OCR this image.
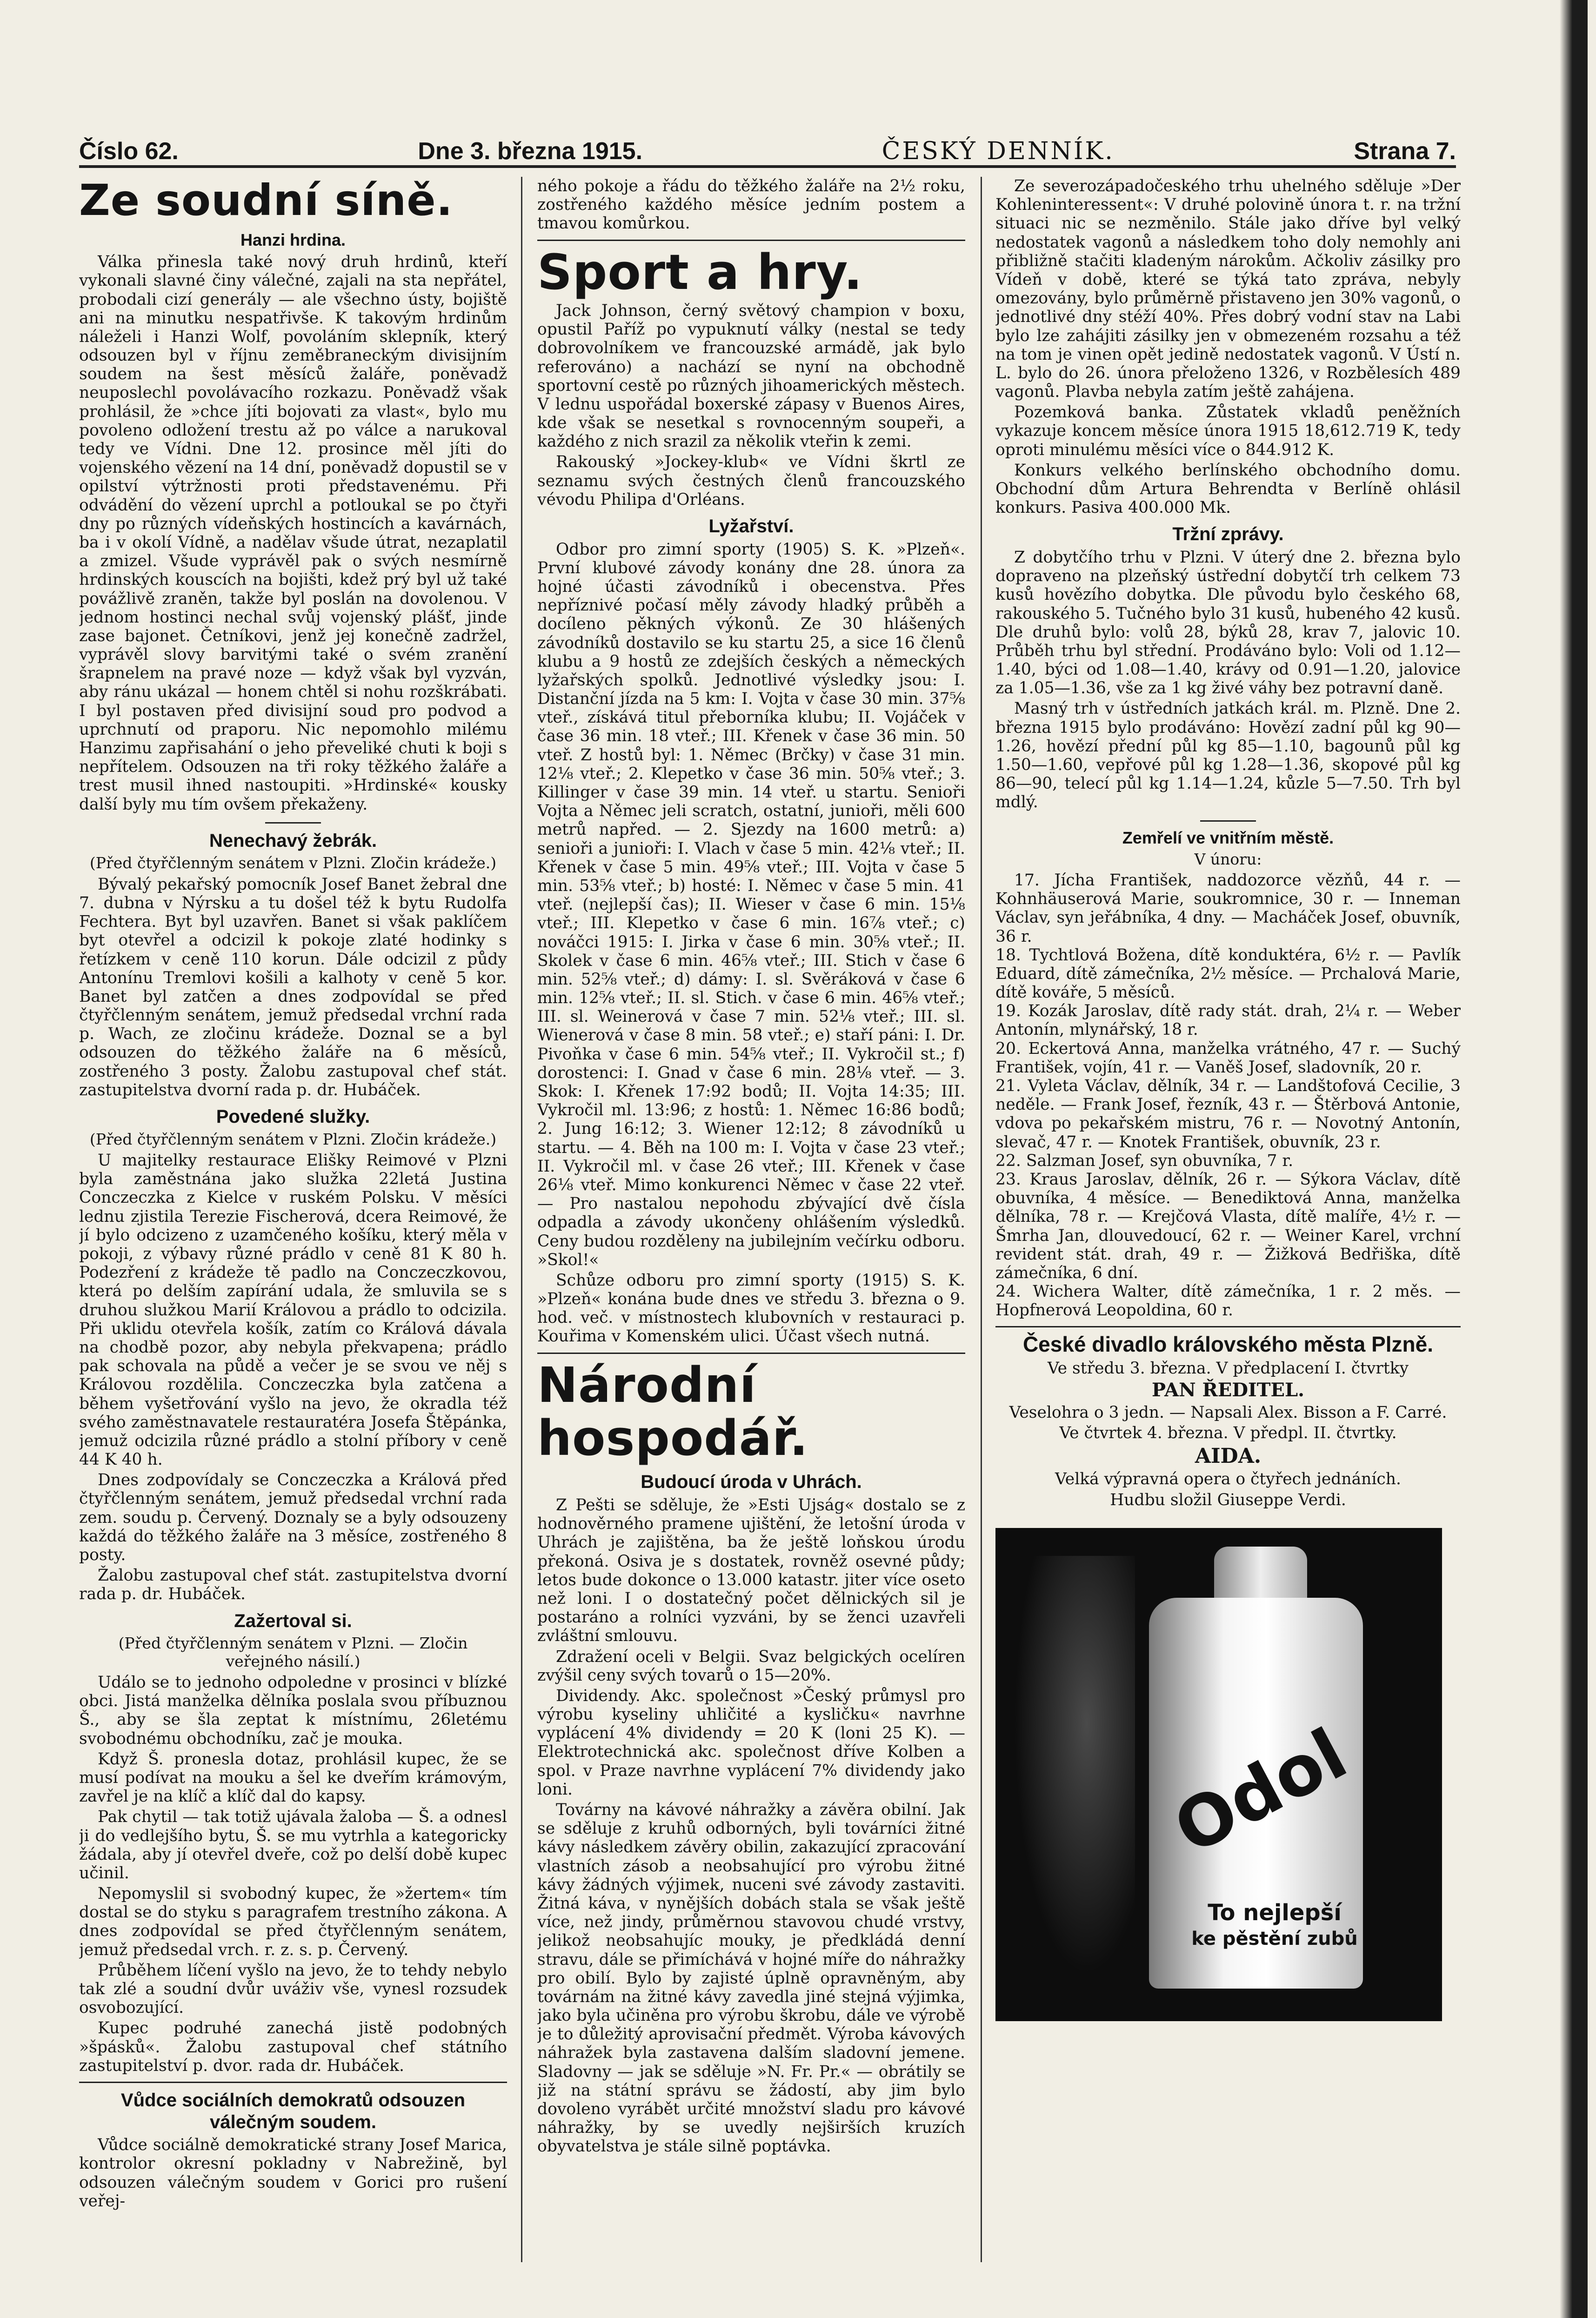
Číslo 62.	Dne 3. března 1915.	ČESKÝ DENNÍK.	Strana 7.
Ze soudní síně.
Hanzi hrdina.

Válka přinesla také nový druh hrdinů, kteří vykonali slavné činy válečné, zajali na sta nepřátel, probodali cizí generály — ale všechno ústy, bojiště ani na minutku nespatřivše. K takovým hrdinům náleželi i Hanzi Wolf, povoláním sklepník, který odsouzen byl v říjnu zeměbraneckým divisijním soudem na šest měsíců žaláře, poněvadž neuposlechl povolávacího rozkazu. Poněvadž však prohlásil, že »chce jíti bojovati za vlast«, bylo mu povoleno odložení trestu až po válce a narukoval tedy ve Vídni. Dne 12. prosince měl jíti do vojenského vězení na 14 dní, poněvadž dopustil se v opilství výtržnosti proti představenému. Při odvádění do vězení uprchl a potloukal se po čtyři dny po různých vídeňských hostincích a kavárnách, ba i v okolí Vídně, a nadělav všude útrat, nezaplatil a zmizel. Všude vyprávěl pak o svých nesmírně hrdinských kouscích na bojišti, kdež prý byl už také povážlivě zraněn, takže byl poslán na dovolenou. V jednom hostinci nechal svůj vojenský plášť, jinde zase bajonet. Četníkovi, jenž jej konečně zadržel, vyprávěl slovy barvitými také o svém zranění šrapnelem na pravé noze — když však byl vyzván, aby ránu ukázal — honem chtěl si nohu rozškrábati. I byl postaven před divisijní soud pro podvod a uprchnutí od praporu. Nic nepomohlo milému Hanzimu zapřisahání o jeho převeliké chuti k boji s nepřítelem. Odsouzen na tři roky těžkého žaláře a trest musil ihned nastoupiti. »Hrdinské« kousky další byly mu tím ovšem překaženy.

Nenechavý žebrák.
(Před čtyřčlenným senátem v Plzni. Zločin krádeže.)

Bývalý pekařský pomocník Josef Banet žebral dne 7. dubna v Nýrsku a tu došel též k bytu Rudolfa Fechtera. Byt byl uzavřen. Banet si však paklíčem byt otevřel a odcizil k pokoje zlaté hodinky s řetízkem v ceně 110 korun. Dále odcizil z půdy Antonínu Tremlovi košili a kalhoty v ceně 5 kor. Banet byl zatčen a dnes zodpovídal se před čtyřčlenným senátem, jemuž předsedal vrchní rada p. Wach, ze zločinu krádeže. Doznal se a byl odsouzen do těžkého žaláře na 6 měsíců, zostřeného 3 posty. Žalobu zastupoval chef stát. zastupitelstva dvorní rada p. dr. Hubáček.

Povedené služky.
(Před čtyřčlenným senátem v Plzni. Zločin krádeže.)

U majitelky restaurace Elišky Reimové v Plzni byla zaměstnána jako služka 22letá Justina Conczeczka z Kielce v ruském Polsku. V měsíci lednu zjistila Terezie Fischerová, dcera Reimové, že jí bylo odcizeno z uzamčeného košíku, který měla v pokoji, z výbavy různé prádlo v ceně 81 K 80 h. Podezření z krádeže tě padlo na Conczeczkovou, která po delším zapírání udala, že smluvila se s druhou služkou Marií Královou a prádlo to odcizila. Při uklidu otevřela košík, zatím co Králová dávala na chodbě pozor, aby nebyla překvapena; prádlo pak schovala na půdě a večer je se svou ve něj s Královou rozdělila. Conczeczka byla zatčena a během vyšetřování vyšlo na jevo, že okradla též svého zaměstnavatele restauratéra Josefa Štěpánka, jemuž odcizila různé prádlo a stolní příbory v ceně 44 K 40 h.

Dnes zodpovídaly se Conczeczka a Králová před čtyřčlenným senátem, jemuž předsedal vrchní rada zem. soudu p. Červený. Doznaly se a byly odsouzeny každá do těžkého žaláře na 3 měsíce, zostřeného 8 posty.

Žalobu zastupoval chef stát. zastupitelstva dvorní rada p. dr. Hubáček.

Zažertoval si.
(Před čtyřčlenným senátem v Plzni. — Zločin veřejného násilí.)

Událo se to jednoho odpoledne v prosinci v blízké obci. Jistá manželka dělníka poslala svou příbuznou Š., aby se šla zeptat k místnímu, 26letému svobodnému obchodníku, zač je mouka.

Když Š. pronesla dotaz, prohlásil kupec, že se musí podívat na mouku a šel ke dveřím krámovým, zavřel je na klíč a klíč dal do kapsy.

Pak chytil — tak totiž ujávala žaloba — Š. a odnesl ji do vedlejšího bytu, Š. se mu vytrhla a kategoricky žádala, aby jí otevřel dveře, což po delší době kupec učinil.

Nepomyslil si svobodný kupec, že »žertem« tím dostal se do styku s paragrafem trestního zákona. A dnes zodpovídal se před čtyřčlenným senátem, jemuž předsedal vrch. r. z. s. p. Červený.

Průběhem líčení vyšlo na jevo, že to tehdy nebylo tak zlé a soudní dvůr uváživ vše, vynesl rozsudek osvobozující.

Kupec podruhé zanechá jistě podobných »špásků«. Žalobu zastupoval chef státního zastupitelství p. dvor. rada dr. Hubáček.

Vůdce sociálních demokratů odsouzen válečným soudem.

Vůdce sociálně demokratické strany Josef Marica, kontrolor okresní pokladny v Nabrežině, byl odsouzen válečným soudem v Gorici pro rušení veřej-

ného pokoje a řádu do těžkého žaláře na 2½ roku, zostřeného každého měsíce jedním postem a tmavou komůrkou.

Sport a hry.

Jack Johnson, černý světový champion v boxu, opustil Paříž po vypuknutí války (nestal se tedy dobrovolníkem ve francouzské armádě, jak bylo referováno) a nachází se nyní na obchodně sportovní cestě po různých jihoamerických městech. V lednu uspořádal boxerské zápasy v Buenos Aires, kde však se nesetkal s rovnocenným soupeři, a každého z nich srazil za několik vteřin k zemi.

Rakouský »Jockey-klub« ve Vídni škrtl ze seznamu svých čestných členů francouzského vévodu Philipa d'Orléans.

Lyžařství.

Odbor pro zimní sporty (1905) S. K. »Plzeň«. První klubové závody konány dne 28. února za hojné účasti závodníků i obecenstva. Přes nepříznivé počasí měly závody hladký průběh a docíleno pěkných výkonů. Ze 30 hlášených závodníků dostavilo se ku startu 25, a sice 16 členů klubu a 9 hostů ze zdejších českých a německých lyžařských spolků. Jednotlivé výsledky jsou: I. Distanční jízda na 5 km: I. Vojta v čase 30 min. 37⅝ vteř., získává titul přeborníka klubu; II. Vojáček v čase 36 min. 18 vteř.; III. Křenek v čase 36 min. 50 vteř. Z hostů byl: 1. Němec (Brčky) v čase 31 min. 12⅛ vteř.; 2. Klepetko v čase 36 min. 50⅝ vteř.; 3. Killinger v čase 39 min. 14 vteř. u startu. Senioři Vojta a Němec jeli scratch, ostatní, junioři, měli 600 metrů napřed. — 2. Sjezdy na 1600 metrů: a) senioři a junioři: I. Vlach v čase 5 min. 42⅛ vteř.; II. Křenek v čase 5 min. 49⅝ vteř.; III. Vojta v čase 5 min. 53⅝ vteř.; b) hosté: I. Němec v čase 5 min. 41 vteř. (nejlepší čas); II. Wieser v čase 6 min. 15⅛ vteř.; III. Klepetko v čase 6 min. 16⅞ vteř.; c) nováčci 1915: I. Jirka v čase 6 min. 30⅝ vteř.; II. Skolek v čase 6 min. 46⅝ vteř.; III. Stich v čase 6 min. 52⅝ vteř.; d) dámy: I. sl. Svěráková v čase 6 min. 12⅝ vteř.; II. sl. Stich. v čase 6 min. 46⅝ vteř.; III. sl. Weinerová v čase 7 min. 52⅛ vteř.; III. sl. Wienerová v čase 8 min. 58 vteř.; e) staří páni: I. Dr. Pivoňka v čase 6 min. 54⅝ vteř.; II. Vykročil st.; f) dorostenci: I. Gnad v čase 6 min. 28⅛ vteř. — 3. Skok: I. Křenek 17:92 bodů; II. Vojta 14:35; III. Vykročil ml. 13:96; z hostů: 1. Němec 16:86 bodů; 2. Jung 16:12; 3. Wiener 12:12; 8 závodníků u startu. — 4. Běh na 100 m: I. Vojta v čase 23 vteř.; II. Vykročil ml. v čase 26 vteř.; III. Křenek v čase 26⅛ vteř. Mimo konkurenci Němec v čase 22 vteř. — Pro nastalou nepohodu zbývající dvě čísla odpadla a závody ukončeny ohlášením výsledků. Ceny budou rozděleny na jubilejním večírku odboru. »Skol!«

Schůze odboru pro zimní sporty (1915) S. K. »Plzeň« konána bude dnes ve středu 3. března o 9. hod. več. v místnostech klubovních v restauraci p. Kouřima v Komenském ulici. Účast všech nutná.

Národní hospodář.
Budoucí úroda v Uhrách.

Z Pešti se sděluje, že »Esti Ujság« dostalo se z hodnověrného pramene ujištění, že letošní úroda v Uhrách je zajištěna, ba že ještě loňskou úrodu překoná. Osiva je s dostatek, rovněž osevné půdy; letos bude dokonce o 13.000 katastr. jiter více oseto než loni. I o dostatečný počet dělnických sil je postaráno a rolníci vyzváni, by se ženci uzavřeli zvláštní smlouvu.

Zdražení oceli v Belgii. Svaz belgických ocelíren zvýšil ceny svých tovarů o 15—20%.

Dividendy. Akc. společnost »Český průmysl pro výrobu kyseliny uhličité a kysličku« navrhne vyplácení 4% dividendy = 20 K (loni 25 K). — Elektrotechnická akc. společnost dříve Kolben a spol. v Praze navrhne vyplácení 7% dividendy jako loni.

Továrny na kávové náhražky a závěra obilní. Jak se sděluje z kruhů odborných, byli továrníci žitné kávy následkem závěry obilin, zakazující zpracování vlastních zásob a neobsahující pro výrobu žitné kávy žádných výjimek, nuceni své závody zastaviti. Žitná káva, v nynějších dobách stala se však ještě více, než jindy, průměrnou stavovou chudé vrstvy, jelikož neobsahujíc mouky, je předkládá denní stravu, dále se přimíchává v hojné míře do náhražky pro obilí. Bylo by zajisté úplně opravněným, aby továrnám na žitné kávy zavedla jiné stejná výjimka, jako byla učiněna pro výrobu škrobu, dále ve výrobě je to důležitý aprovisační předmět. Výroba kávových náhražek byla zastavena dalším sladovní jemene. Sladovny — jak se sděluje »N. Fr. Pr.« — obrátily se již na státní správu se žádostí, aby jim bylo dovoleno vyrábět určité množství sladu pro kávové náhražky, by se uvedly nejširších kruzích obyvatelstva je stále silně poptávka.

Ze severozápadočeského trhu uhelného sděluje »Der Kohleninteressent«: V druhé polovině února t. r. na tržní situaci nic se nezměnilo. Stále jako dříve byl velký nedostatek vagonů a následkem toho doly nemohly ani přibližně stačiti kladeným nárokům. Ačkoliv zásilky pro Vídeň v době, které se týká tato zpráva, nebyly omezovány, bylo průměrně přistaveno jen 30% vagonů, o jednotlivé dny stéží 40%. Přes dobrý vodní stav na Labi bylo lze zahájiti zásilky jen v obmezeném rozsahu a též na tom je vinen opět jedině nedostatek vagonů. V Ústí n. L. bylo do 26. února přeloženo 1326, v Rozbělesích 489 vagonů. Plavba nebyla zatím ještě zahájena.

Pozemková banka. Zůstatek vkladů peněžních vykazuje koncem měsíce února 1915 18,612.719 K, tedy oproti minulému měsíci více o 844.912 K.

Konkurs velkého berlínského obchodního domu. Obchodní dům Artura Behrendta v Berlíně ohlásil konkurs. Pasiva 400.000 Mk.

Tržní zprávy.

Z dobytčího trhu v Plzni. V úterý dne 2. března bylo dopraveno na plzeňský ústřední dobytčí trh celkem 73 kusů hovězího dobytka. Dle původu bylo českého 68, rakouského 5. Tučného bylo 31 kusů, hubeného 42 kusů. Dle druhů bylo: volů 28, býků 28, krav 7, jalovic 10. Průběh trhu byl střední. Prodáváno bylo: Voli od 1.12—1.40, býci od 1.08—1.40, krávy od 0.91—1.20, jalovice za 1.05—1.36, vše za 1 kg živé váhy bez potravní daně.

Masný trh v ústředních jatkách král. m. Plzně. Dne 2. března 1915 bylo prodáváno: Hovězí zadní půl kg 90—1.26, hovězí přední půl kg 85—1.10, bagounů půl kg 1.50—1.60, vepřové půl kg 1.28—1.36, skopové půl kg 86—90, telecí půl kg 1.14—1.24, kůzle 5—7.50. Trh byl mdlý.

Zemřelí ve vnitřním městě.
V únoru:

17. Jícha František, naddozorce vězňů, 44 r. — Kohnhäuserová Marie, soukromnice, 30 r. — Inneman Václav, syn jeřábníka, 4 dny. — Macháček Josef, obuvník, 36 r.
18. Tychtlová Božena, dítě konduktéra, 6½ r. — Pavlík Eduard, dítě zámečníka, 2½ měsíce. — Prchalová Marie, dítě kováře, 5 měsíců.
19. Kozák Jaroslav, dítě rady stát. drah, 2¼ r. — Weber Antonín, mlynářský, 18 r.
20. Eckertová Anna, manželka vrátného, 47 r. — Suchý František, vojín, 41 r. — Vaněš Josef, sladovník, 20 r.
21. Vyleta Václav, dělník, 34 r. — Landštofová Cecilie, 3 neděle. — Frank Josef, řezník, 43 r. — Štěrbová Antonie, vdova po pekařském mistru, 76 r. — Novotný Antonín, slevač, 47 r. — Knotek František, obuvník, 23 r.
22. Salzman Josef, syn obuvníka, 7 r.
23. Kraus Jaroslav, dělník, 26 r. — Sýkora Václav, dítě obuvníka, 4 měsíce. — Benediktová Anna, manželka dělníka, 78 r. — Krejčová Vlasta, dítě malíře, 4½ r. — Šmrha Jan, dlouvedoucí, 62 r. — Weiner Karel, vrchní revident stát. drah, 49 r. — Žižková Bedřiška, dítě zámečníka, 6 dní.
24. Wichera Walter, dítě zámečníka, 1 r. 2 měs. — Hopfnerová Leopoldina, 60 r.

České divadlo královského města Plzně.

Ve středu 3. března. V předplacení I. čtvrtky

PAN ŘEDITEL.

Veselohra o 3 jedn. — Napsali Alex. Bisson a F. Carré.

Ve čtvrtek 4. března. V předpl. II. čtvrtky.

AIDA.

Velká výpravná opera o čtyřech jednáních.

Hudbu složil Giuseppe Verdi.

Odol
To nejlepší
ke pěstění zubů
